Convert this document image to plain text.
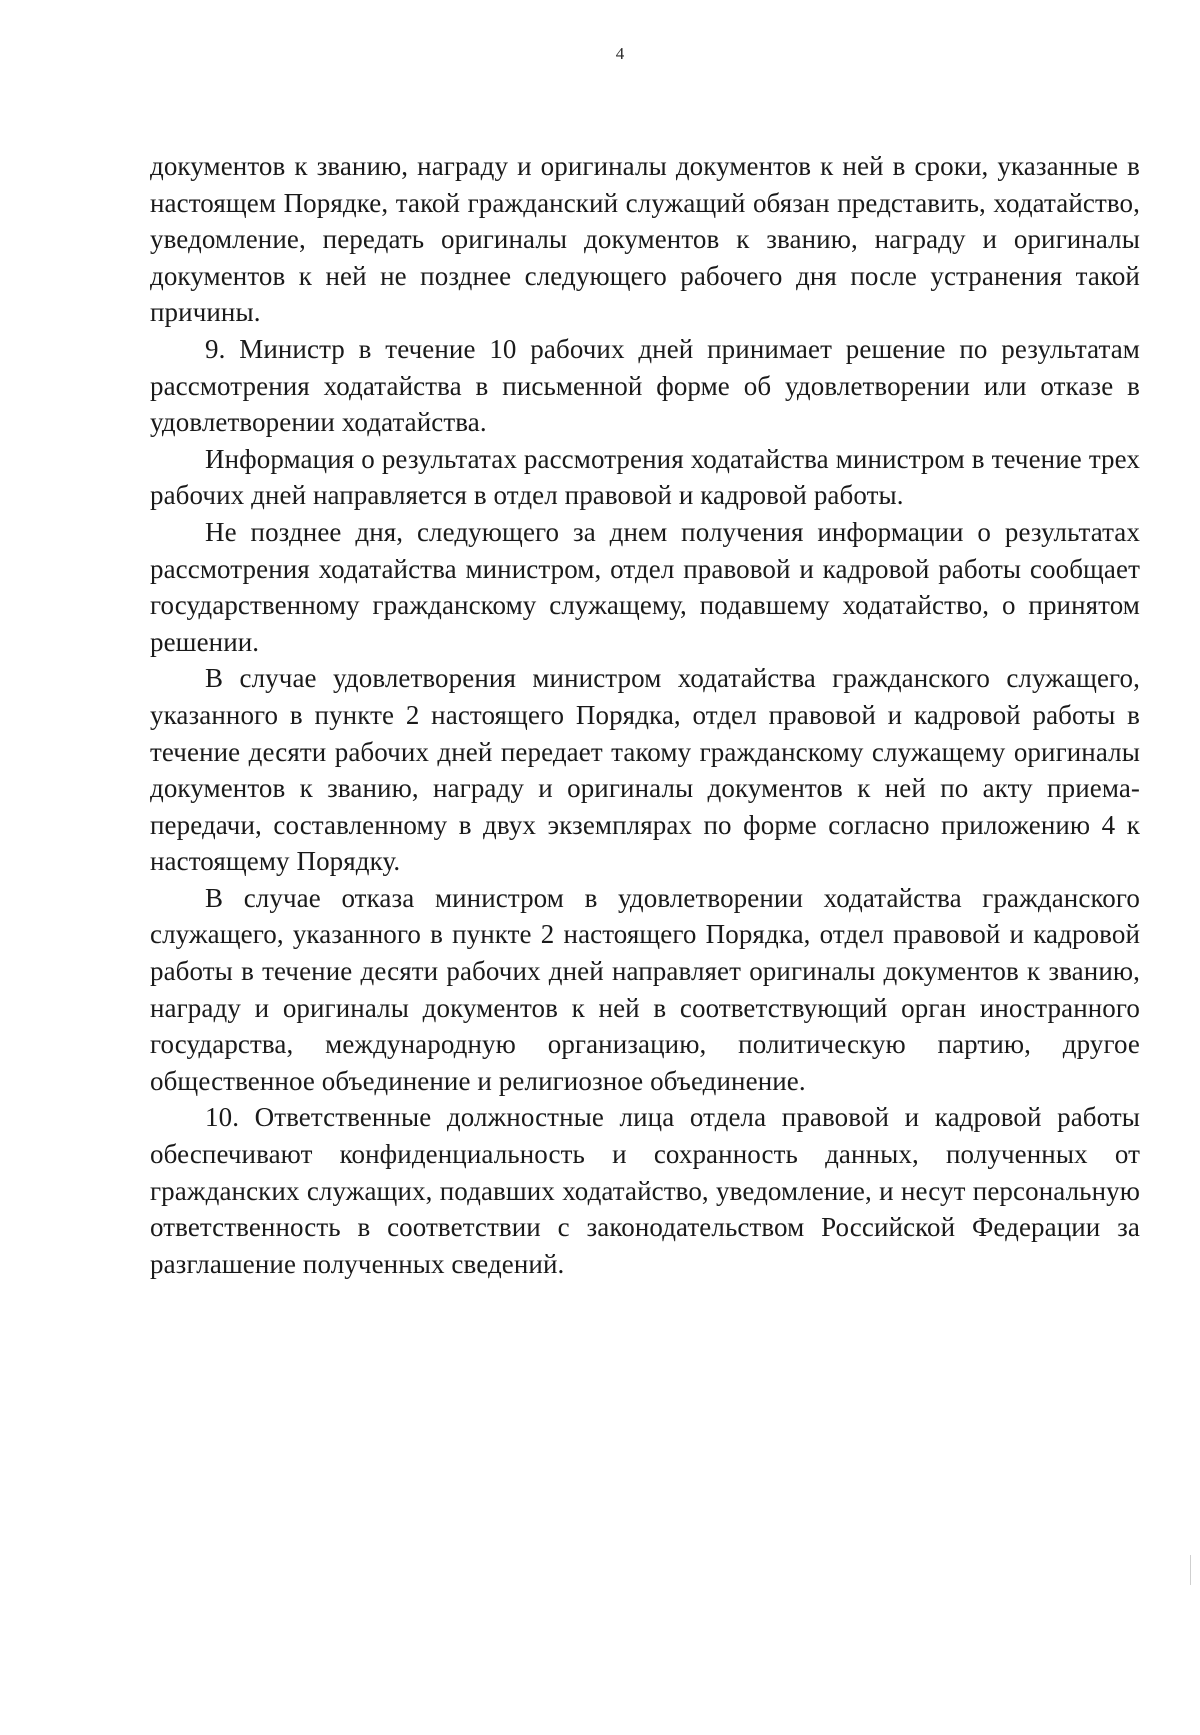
4

документов к званию, награду и оригиналы документов к ней в сроки, указанные в настоящем Порядке, такой гражданский служащий обязан представить, ходатайство, уведомление, передать оригиналы документов к званию, награду и оригиналы документов к ней не позднее следующего рабочего дня после устранения такой причины.

9. Министр в течение 10 рабочих дней принимает решение по результатам рассмотрения ходатайства в письменной форме об удовлетворении или отказе в удовлетворении ходатайства.

Информация о результатах рассмотрения ходатайства министром в течение трех рабочих дней направляется в отдел правовой и кадровой работы.

Не позднее дня, следующего за днем получения информации о результатах рассмотрения ходатайства министром, отдел правовой и кадровой работы сообщает государственному гражданскому служащему, подавшему ходатайство, о принятом решении.

В случае удовлетворения министром ходатайства гражданского служащего, указанного в пункте 2 настоящего Порядка, отдел правовой и кадровой работы в течение десяти рабочих дней передает такому гражданскому служащему оригиналы документов к званию, награду и оригиналы документов к ней по акту приема-передачи, составленному в двух экземплярах по форме согласно приложению 4 к настоящему Порядку.

В случае отказа министром в удовлетворении ходатайства гражданского служащего, указанного в пункте 2 настоящего Порядка, отдел правовой и кадровой работы в течение десяти рабочих дней направляет оригиналы документов к званию, награду и оригиналы документов к ней в соответствующий орган иностранного государства, международную организацию, политическую партию, другое общественное объединение и религиозное объединение.

10. Ответственные должностные лица отдела правовой и кадровой работы обеспечивают конфиденциальность и сохранность данных, полученных от гражданских служащих, подавших ходатайство, уведомление, и несут персональную ответственность в соответствии с законодательством Российской Федерации за разглашение полученных сведений.
